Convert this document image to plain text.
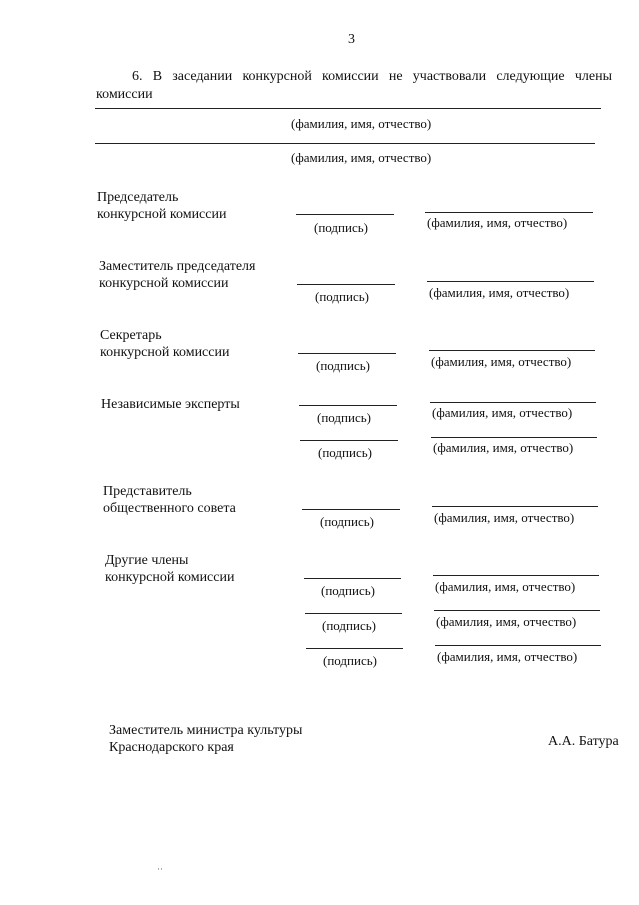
3
6. В заседании конкурсной комиссии не участвовали следующие члены
комиссии
(фамилия, имя, отчество)
(фамилия, имя, отчество)
Председатель
конкурсной комиссии
(подпись)	(фамилия, имя, отчество)
Заместитель председателя
конкурсной комиссии
(подпись)	(фамилия, имя, отчество)
Секретарь
конкурсной комиссии
(подпись)	(фамилия, имя, отчество)
Независимые эксперты
(подпись)	(фамилия, имя, отчество)
(подпись)	(фамилия, имя, отчество)
Представитель
общественного совета
(подпись)	(фамилия, имя, отчество)
Другие члены
конкурсной комиссии
(подпись)	(фамилия, имя, отчество)
(подпись)	(фамилия, имя, отчество)
(подпись)	(фамилия, имя, отчество)
Заместитель министра культуры
Краснодарского края	А.А. Батура
··
